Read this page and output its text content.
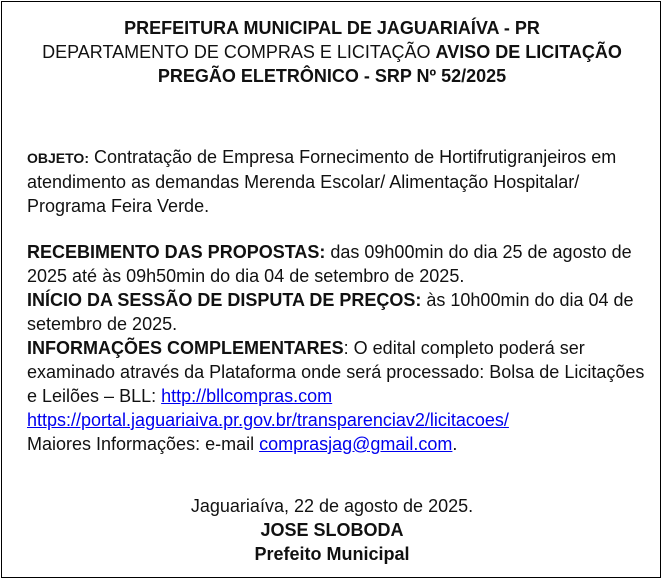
PREFEITURA MUNICIPAL DE JAGUARIAÍVA - PR
DEPARTAMENTO DE COMPRAS E LICITAÇÃO AVISO DE LICITAÇÃO
PREGÃO ELETRÔNICO - SRP Nº 52/2025
OBJETO: Contratação de Empresa Fornecimento de Hortifrutigranjeiros em atendimento as demandas Merenda Escolar/ Alimentação Hospitalar/ Programa Feira Verde.
RECEBIMENTO DAS PROPOSTAS: das 09h00min do dia 25 de agosto de 2025 até às 09h50min do dia 04 de setembro de 2025.
INÍCIO DA SESSÃO DE DISPUTA DE PREÇOS: às 10h00min do dia 04 de setembro de 2025.
INFORMAÇÕES COMPLEMENTARES: O edital completo poderá ser examinado através da Plataforma onde será processado: Bolsa de Licitações e Leilões – BLL: http://bllcompras.com
https://portal.jaguariaiva.pr.gov.br/transparenciav2/licitacoes/
Maiores Informações: e-mail comprasjag@gmail.com.
Jaguariaíva, 22 de agosto de 2025.
JOSE SLOBODA
Prefeito Municipal
